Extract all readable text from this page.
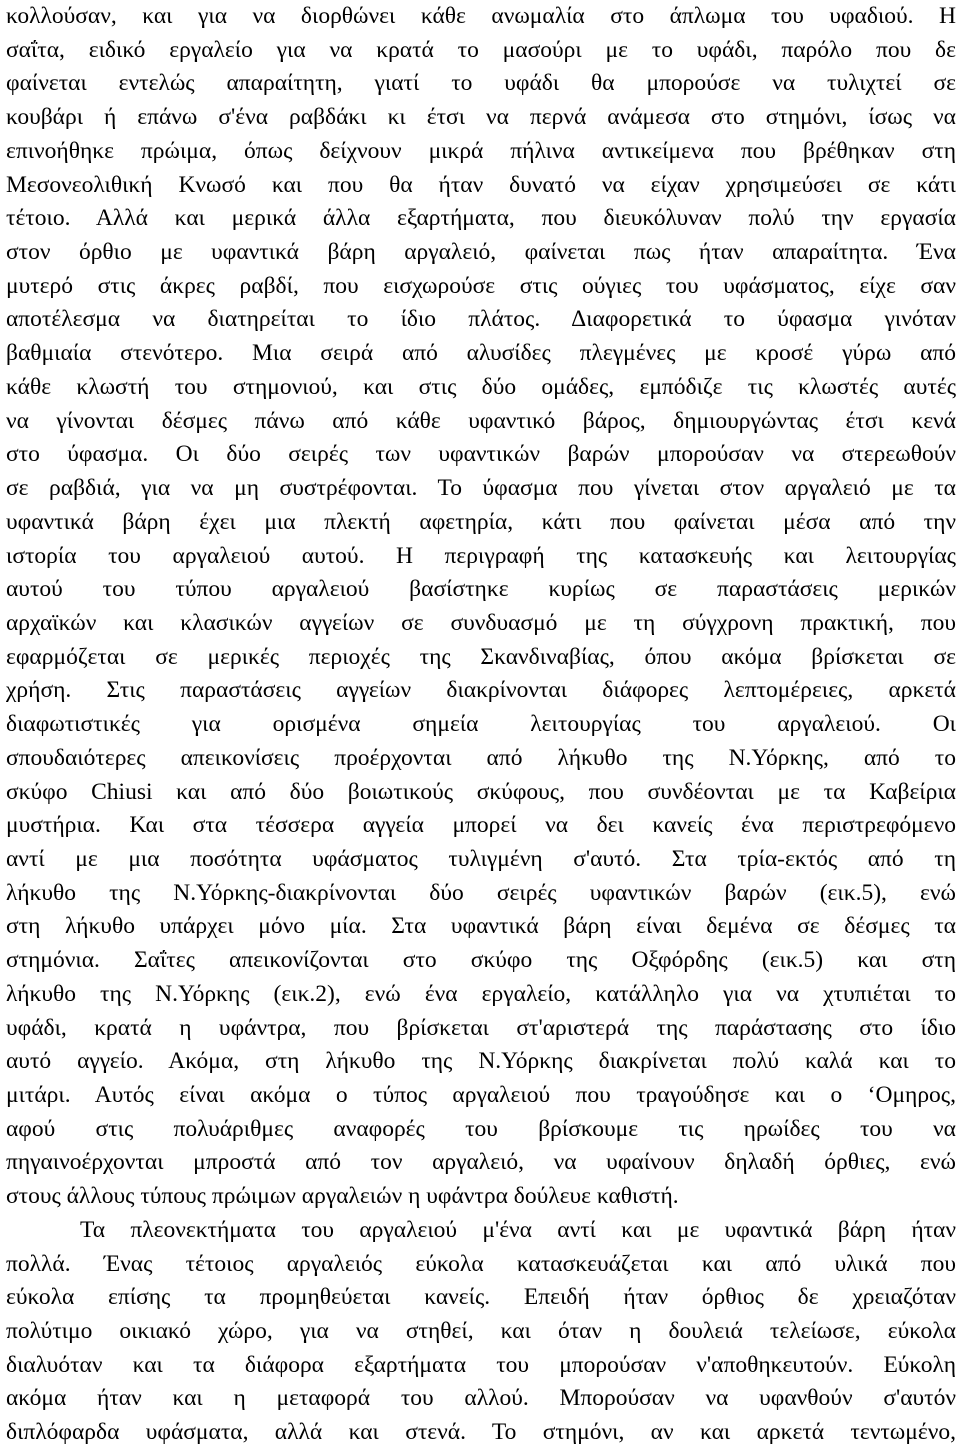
κολλούσαν, και για να διορθώνει κάθε ανωμαλία στο άπλωμα του υφαδιού. Η
σαΐτα, ειδικό εργαλείο για να κρατά το μασούρι με το υφάδι, παρόλο που δε
φαίνεται εντελώς απαραίτητη, γιατί το υφάδι θα μπορούσε να τυλιχτεί σε
κουβάρι ή επάνω σ'ένα ραβδάκι κι έτσι να περνά ανάμεσα στο στημόνι, ίσως να
επινοήθηκε πρώιμα, όπως δείχνουν μικρά πήλινα αντικείμενα που βρέθηκαν στη
Μεσονεολιθική Κνωσό και που θα ήταν δυνατό να είχαν χρησιμεύσει σε κάτι
τέτοιο. Αλλά και μερικά άλλα εξαρτήματα, που διευκόλυναν πολύ την εργασία
στον όρθιο με υφαντικά βάρη αργαλειό, φαίνεται πως ήταν απαραίτητα. Ένα
μυτερό στις άκρες ραβδί, που εισχωρούσε στις ούγιες του υφάσματος, είχε σαν
αποτέλεσμα να διατηρείται το ίδιο πλάτος. Διαφορετικά το ύφασμα γινόταν
βαθμιαία στενότερο. Μια σειρά από αλυσίδες πλεγμένες με κροσέ γύρω από
κάθε κλωστή του στημονιού, και στις δύο ομάδες, εμπόδιζε τις κλωστές αυτές
να γίνονται δέσμες πάνω από κάθε υφαντικό βάρος, δημιουργώντας έτσι κενά
στο ύφασμα. Οι δύο σειρές των υφαντικών βαρών μπορούσαν να στερεωθούν
σε ραβδιά, για να μη συστρέφονται. Το ύφασμα που γίνεται στον αργαλειό με τα
υφαντικά βάρη έχει μια πλεκτή αφετηρία, κάτι που φαίνεται μέσα από την
ιστορία του αργαλειού αυτού. Η περιγραφή της κατασκευής και λειτουργίας
αυτού του τύπου αργαλειού βασίστηκε κυρίως σε παραστάσεις μερικών
αρχαϊκών και κλασικών αγγείων σε συνδυασμό με τη σύγχρονη πρακτική, που
εφαρμόζεται σε μερικές περιοχές της Σκανδιναβίας, όπου ακόμα βρίσκεται σε
χρήση. Στις παραστάσεις αγγείων διακρίνονται διάφορες λεπτομέρειες, αρκετά
διαφωτιστικές για ορισμένα σημεία λειτουργίας του αργαλειού. Οι
σπουδαιότερες απεικονίσεις προέρχονται από λήκυθο της Ν.Υόρκης, από το
σκύφο Chiusi και από δύο βοιωτικούς σκύφους, που συνδέονται με τα Καβείρια
μυστήρια. Και στα τέσσερα αγγεία μπορεί να δει κανείς ένα περιστρεφόμενο
αντί με μια ποσότητα υφάσματος τυλιγμένη σ'αυτό. Στα τρία-εκτός από τη
λήκυθο της Ν.Υόρκης-διακρίνονται δύο σειρές υφαντικών βαρών (εικ.5), ενώ
στη λήκυθο υπάρχει μόνο μία. Στα υφαντικά βάρη είναι δεμένα σε δέσμες τα
στημόνια. Σαΐτες απεικονίζονται στο σκύφο της Οξφόρδης (εικ.5) και στη
λήκυθο της Ν.Υόρκης (εικ.2), ενώ ένα εργαλείο, κατάλληλο για να χτυπιέται το
υφάδι, κρατά η υφάντρα, που βρίσκεται στ'αριστερά της παράστασης στο ίδιο
αυτό αγγείο. Ακόμα, στη λήκυθο της Ν.Υόρκης διακρίνεται πολύ καλά και το
μιτάρι. Αυτός είναι ακόμα ο τύπος αργαλειού που τραγούδησε και ο ‘Ομηρος,
αφού στις πολυάριθμες αναφορές του βρίσκουμε τις ηρωίδες του να
πηγαινοέρχονται μπροστά από τον αργαλειό, να υφαίνουν δηλαδή όρθιες, ενώ
στους άλλους τύπους πρώιμων αργαλειών η υφάντρα δούλευε καθιστή.
Τα πλεονεκτήματα του αργαλειού μ'ένα αντί και με υφαντικά βάρη ήταν
πολλά. Ένας τέτοιος αργαλειός εύκολα κατασκευάζεται και από υλικά που
εύκολα επίσης τα προμηθεύεται κανείς. Επειδή ήταν όρθιος δε χρειαζόταν
πολύτιμο οικιακό χώρο, για να στηθεί, και όταν η δουλειά τελείωσε, εύκολα
διαλυόταν και τα διάφορα εξαρτήματα του μπορούσαν ν'αποθηκευτούν. Εύκολη
ακόμα ήταν και η μεταφορά του αλλού. Μπορούσαν να υφανθούν σ'αυτόν
διπλόφαρδα υφάσματα, αλλά και στενά. Το στημόνι, αν και αρκετά τεντωμένο,
